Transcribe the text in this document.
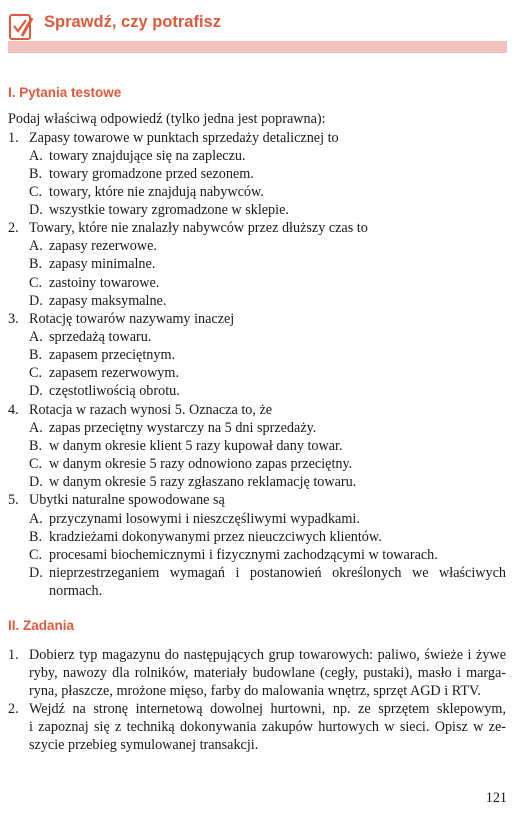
Sprawdź, czy potrafisz
I. Pytania testowe
Podaj właściwą odpowiedź (tylko jedna jest poprawna):
1. Zapasy towarowe w punktach sprzedaży detalicznej to
A. towary znajdujące się na zapleczu.
B. towary gromadzone przed sezonem.
C. towary, które nie znajdują nabywców.
D. wszystkie towary zgromadzone w sklepie.
2. Towary, które nie znalazły nabywców przez dłuższy czas to
A. zapasy rezerwowe.
B. zapasy minimalne.
C. zastoiny towarowe.
D. zapasy maksymalne.
3. Rotację towarów nazywamy inaczej
A. sprzedażą towaru.
B. zapasem przeciętnym.
C. zapasem rezerwowym.
D. częstotliwością obrotu.
4. Rotacja w razach wynosi 5. Oznacza to, że
A. zapas przeciętny wystarczy na 5 dni sprzedaży.
B. w danym okresie klient 5 razy kupował dany towar.
C. w danym okresie 5 razy odnowiono zapas przeciętny.
D. w danym okresie 5 razy zgłaszano reklamację towaru.
5. Ubytki naturalne spowodowane są
A. przyczynami losowymi i nieszczęśliwymi wypadkami.
B. kradzieżami dokonywanymi przez nieuczciwych klientów.
C. procesami biochemicznymi i fizycznymi zachodzącymi w towarach.
D. nieprzestrzeganiem wymagań i postanowień określonych we właściwych
normach.
II. Zadania
1. Dobierz typ magazynu do następujących grup towarowych: paliwo, świeże i żywe
ryby, nawozy dla rolników, materiały budowlane (cegły, pustaki), masło i marga-
ryna, płaszcze, mrożone mięso, farby do malowania wnętrz, sprzęt AGD i RTV.
2. Wejdź na stronę internetową dowolnej hurtowni, np. ze sprzętem sklepowym,
i zapoznaj się z techniką dokonywania zakupów hurtowych w sieci. Opisz w ze-
szycie przebieg symulowanej transakcji.
121
